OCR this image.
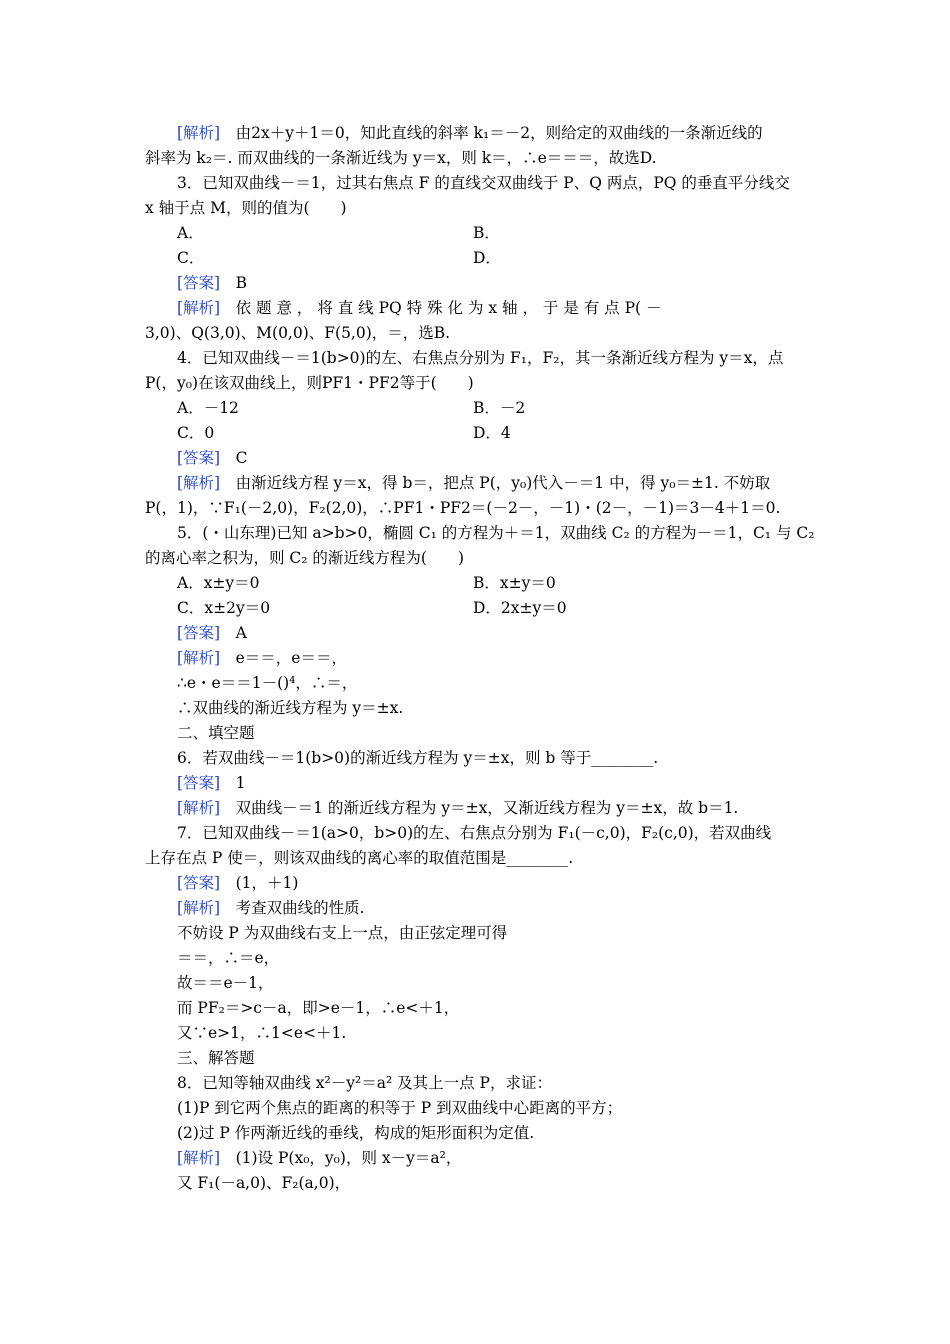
[解析]　由2x＋y＋1＝0，知此直线的斜率 k₁＝－2，则给定的双曲线的一条渐近线的
斜率为 k₂＝. 而双曲线的一条渐近线为 y＝x，则 k＝，∴e＝＝＝，故选D.
3．已知双曲线－＝1，过其右焦点 F 的直线交双曲线于 P、Q 两点，PQ 的垂直平分线交
x 轴于点 M，则的值为(　　)
A．	B．
C．	D．
[答案]　B
[解析]　依 题 意 ， 将 直 线 PQ 特 殊 化 为 x 轴 ， 于 是 有 点 P( －
3,0)、Q(3,0)、M(0,0)、F(5,0)，＝，选B.
4．已知双曲线－＝1(b>0)的左、右焦点分别为 F₁，F₂，其一条渐近线方程为 y＝x，点
P(，y₀)在该双曲线上，则PF1・PF2等于(　　)
A．－12	B．－2
C．0	D．4
[答案]　C
[解析]　由渐近线方程 y＝x，得 b＝，把点 P(，y₀)代入－＝1 中，得 y₀＝±1. 不妨取
P(，1)，∵F₁(－2,0)，F₂(2,0)，∴PF1・PF2＝(－2－，－1)・(2－，－1)＝3－4＋1＝0.
5．(・山东理)已知 a>b>0，椭圆 C₁ 的方程为＋＝1，双曲线 C₂ 的方程为－＝1，C₁ 与 C₂
的离心率之积为，则 C₂ 的渐近线方程为(　　)
A．x±y＝0	B．x±y＝0
C．x±2y＝0	D．2x±y＝0
[答案]　A
[解析]　e＝＝，e＝＝，
∴e・e＝＝1－()⁴，∴＝，
∴双曲线的渐近线方程为 y＝±x.
二、填空题
6．若双曲线－＝1(b>0)的渐近线方程为 y＝±x，则 b 等于________.
[答案]　1
[解析]　双曲线－＝1 的渐近线方程为 y＝±x，又渐近线方程为 y＝±x，故 b＝1.
7．已知双曲线－＝1(a>0，b>0)的左、右焦点分别为 F₁(－c,0)，F₂(c,0)，若双曲线
上存在点 P 使＝，则该双曲线的离心率的取值范围是________.
[答案]　(1，＋1)
[解析]　考查双曲线的性质.
不妨设 P 为双曲线右支上一点，由正弦定理可得
＝＝，∴＝e，
故＝＝e－1，
而 PF₂＝>c－a，即>e－1，∴e<＋1，
又∵e>1，∴1<e<＋1.
三、解答题
8．已知等轴双曲线 x²－y²＝a² 及其上一点 P，求证：
(1)P 到它两个焦点的距离的积等于 P 到双曲线中心距离的平方；
(2)过 P 作两渐近线的垂线，构成的矩形面积为定值.
[解析]　(1)设 P(x₀，y₀)，则 x－y＝a²，
又 F₁(－a,0)、F₂(a,0)，
